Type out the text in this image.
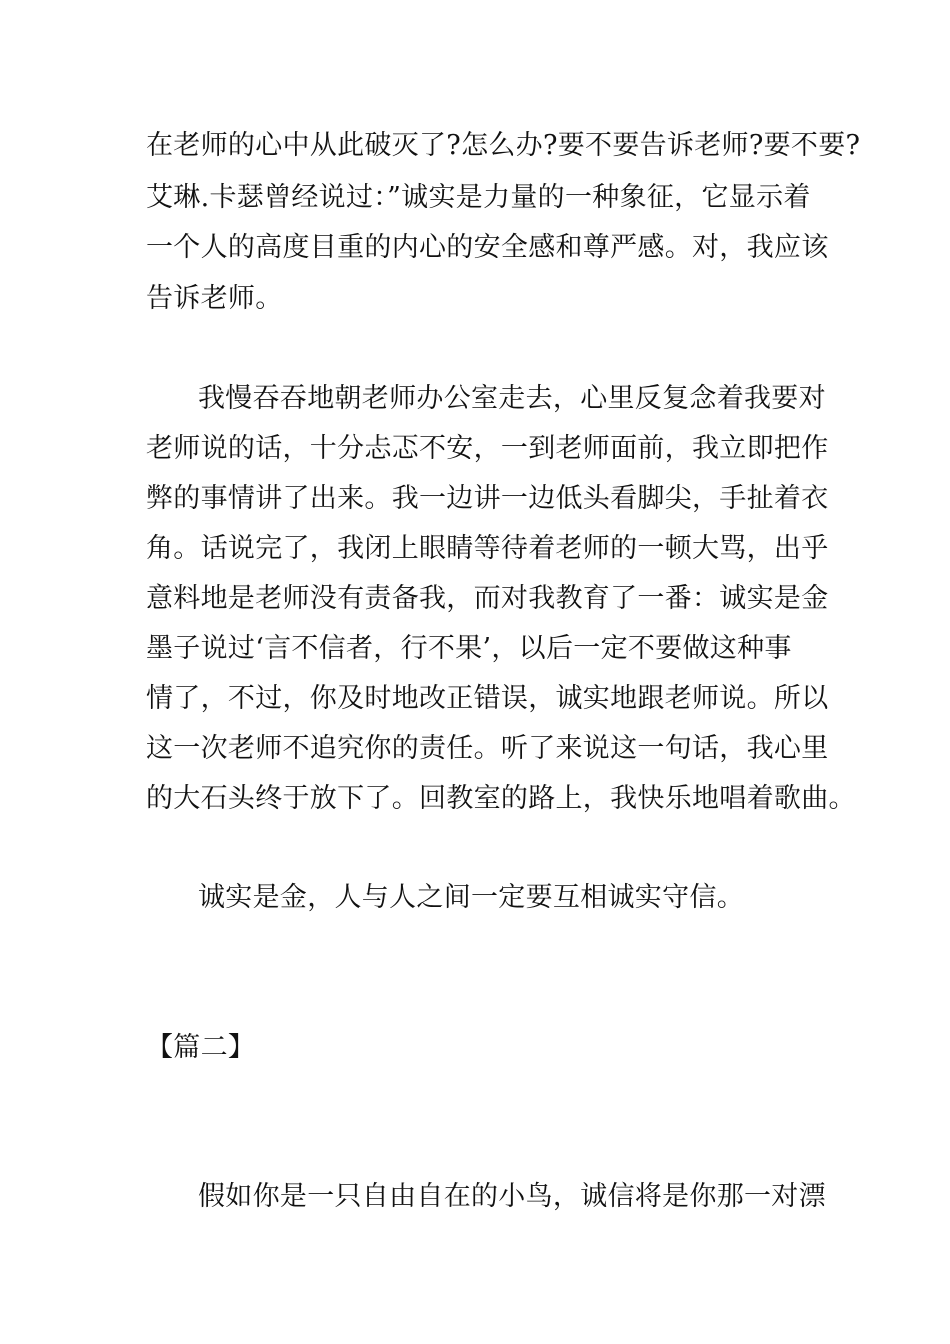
在老师的心中从此破灭了?怎么办?要不要告诉老师?要不要?
艾琳.卡瑟曾经说过：”诚实是力量的一种象征，它显示着
一个人的高度目重的内心的安全感和尊严感。对，我应该
告诉老师。
我慢吞吞地朝老师办公室走去，心里反复念着我要对
老师说的话，十分忐忑不安，一到老师面前，我立即把作
弊的事情讲了出来。我一边讲一边低头看脚尖，手扯着衣
角。话说完了，我闭上眼睛等待着老师的一顿大骂，出乎
意料地是老师没有责备我，而对我教育了一番：诚实是金
墨子说过‘言不信者，行不果’，以后一定不要做这种事
情了，不过，你及时地改正错误，诚实地跟老师说。所以
这一次老师不追究你的责任。听了来说这一句话，我心里
的大石头终于放下了。回教室的路上，我快乐地唱着歌曲。
诚实是金，人与人之间一定要互相诚实守信。
【篇二】
假如你是一只自由自在的小鸟，诚信将是你那一对漂
